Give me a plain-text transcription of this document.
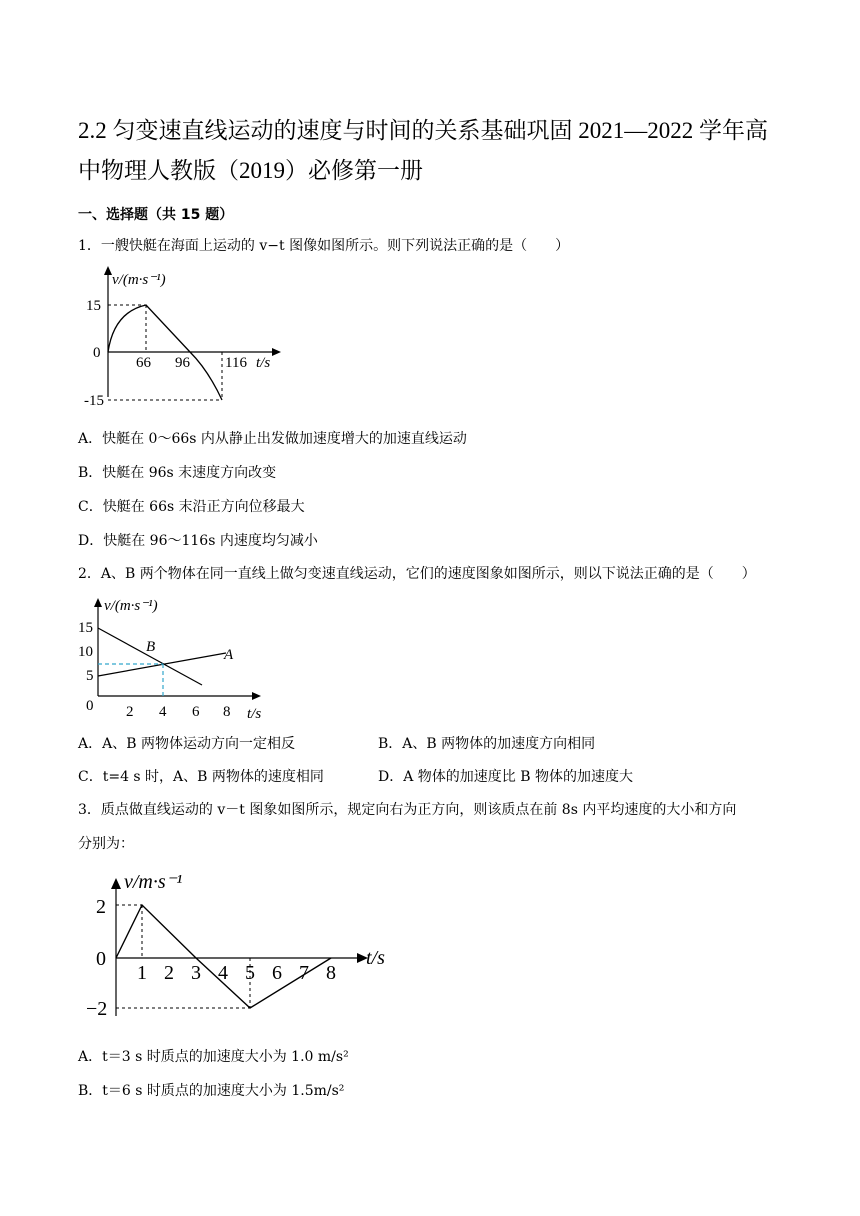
2.2 匀变速直线运动的速度与时间的关系基础巩固 2021—2022 学年高
中物理人教版（2019）必修第一册
一、选择题（共 15 题）
1．一艘快艇在海面上运动的 v−t 图像如图所示。则下列说法正确的是（　　）
v/(m·s⁻¹)
15
0
-15
66 96 116 t/s
A．快艇在 0～66s 内从静止出发做加速度增大的加速直线运动
B．快艇在 96s 末速度方向改变
C．快艇在 66s 末沿正方向位移最大
D．快艇在 96～116s 内速度均匀减小
2．A、B 两个物体在同一直线上做匀变速直线运动，它们的速度图象如图所示，则以下说法正确的是（　　）
v/(m·s⁻¹)
15
10
5
0 2 4 6 8 t/s
B	A
A．A、B 两物体运动方向一定相反	B．A、B 两物体的加速度方向相同
C．t=4 s 时，A、B 两物体的速度相同	D．A 物体的加速度比 B 物体的加速度大
3．质点做直线运动的 v－t 图象如图所示，规定向右为正方向，则该质点在前 8s 内平均速度的大小和方向
分别为：
v/m·s⁻¹
2
0
−2
1 2 3 4 5 6 7 8
t/s
A．t＝3 s 时质点的加速度大小为 1.0 m/s²
B．t＝6 s 时质点的加速度大小为 1.5m/s²
